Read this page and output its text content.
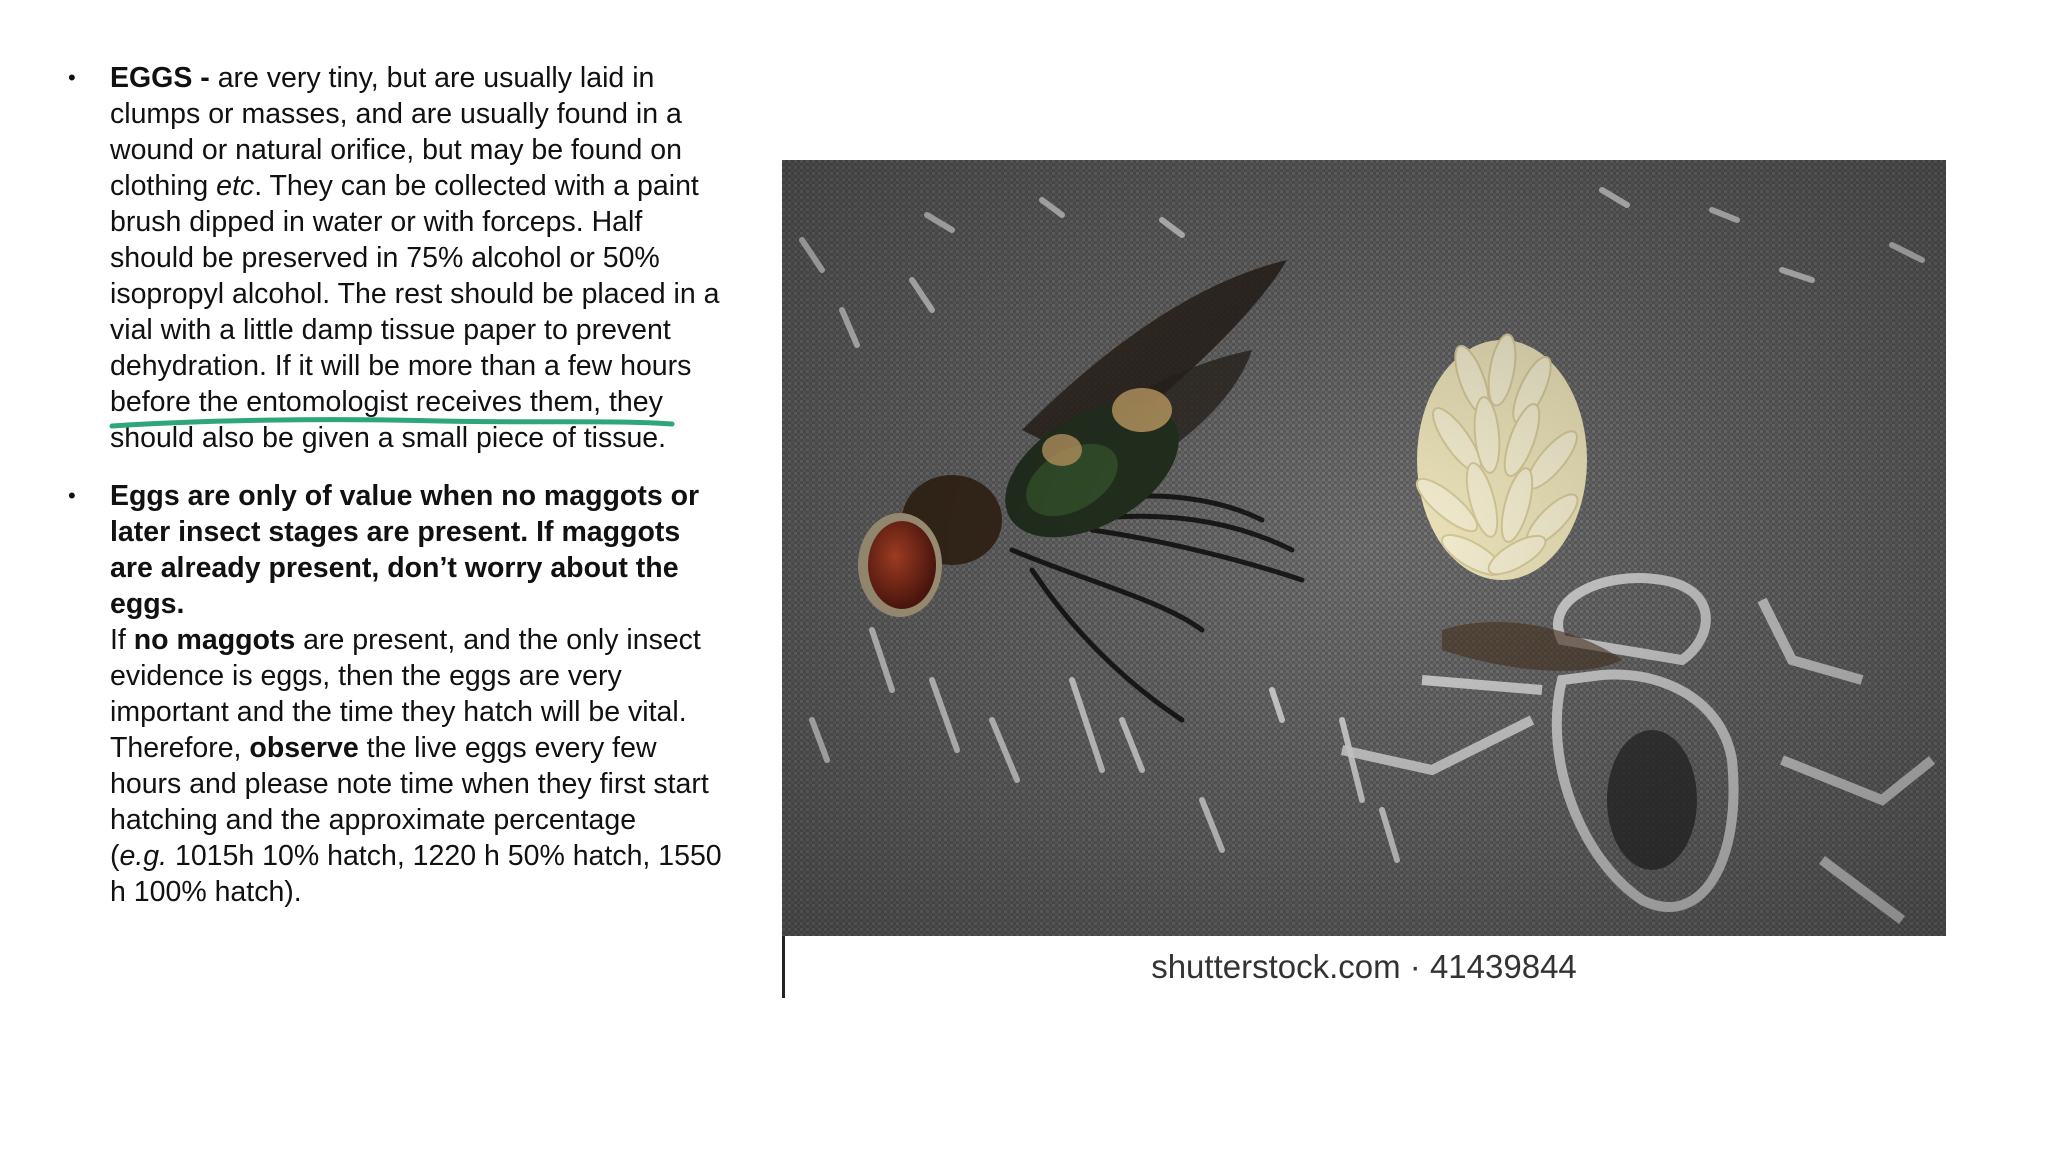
• EGGS - are very tiny, but are usually laid in
clumps or masses, and are usually found in a
wound or natural orifice, but may be found on
clothing etc. They can be collected with a paint
brush dipped in water or with forceps. Half
should be preserved in 75% alcohol or 50%
isopropyl alcohol. The rest should be placed in a
vial with a little damp tissue paper to prevent
dehydration. If it will be more than a few hours
before the entomologist receives them, they
should also be given a small piece of tissue.
• Eggs are only of value when no maggots or
later insect stages are present. If maggots
are already present, don’t worry about the
eggs.
If no maggots are present, and the only insect
evidence is eggs, then the eggs are very
important and the time they hatch will be vital.
Therefore, observe the live eggs every few
hours and please note time when they first start
hatching and the approximate percentage
(e.g. 1015h 10% hatch, 1220 h 50% hatch, 1550
h 100% hatch).
shutterstock.com · 41439844
